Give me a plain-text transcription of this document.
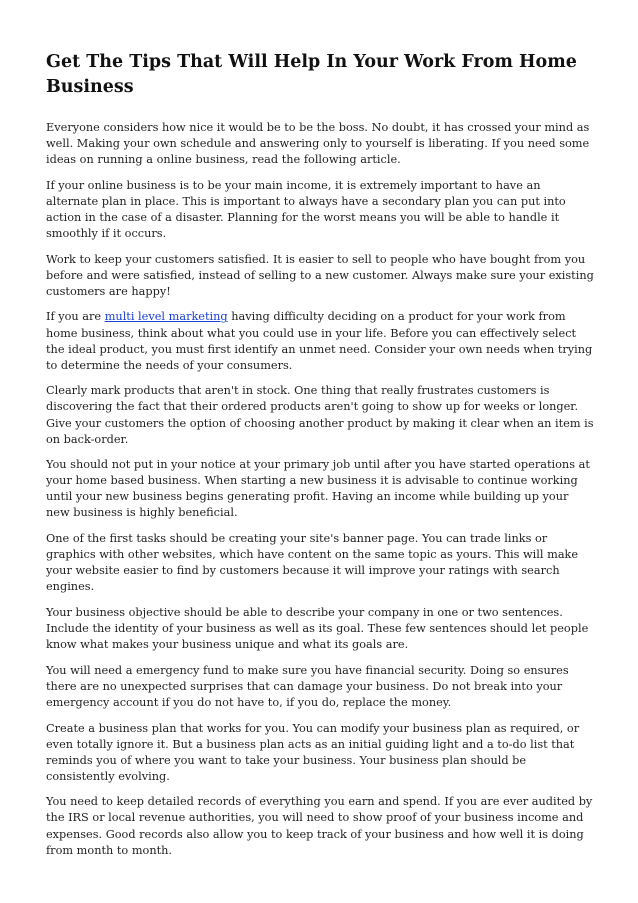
Get The Tips That Will Help In Your Work From Home Business

Everyone considers how nice it would be to be the boss. No doubt, it has crossed your mind as well. Making your own schedule and answering only to yourself is liberating. If you need some ideas on running a online business, read the following article.

If your online business is to be your main income, it is extremely important to have an alternate plan in place. This is important to always have a secondary plan you can put into action in the case of a disaster. Planning for the worst means you will be able to handle it smoothly if it occurs.

Work to keep your customers satisfied. It is easier to sell to people who have bought from you before and were satisfied, instead of selling to a new customer. Always make sure your existing customers are happy!

If you are multi level marketing having difficulty deciding on a product for your work from home business, think about what you could use in your life. Before you can effectively select the ideal product, you must first identify an unmet need. Consider your own needs when trying to determine the needs of your consumers.

Clearly mark products that aren't in stock. One thing that really frustrates customers is discovering the fact that their ordered products aren't going to show up for weeks or longer. Give your customers the option of choosing another product by making it clear when an item is on back-order.

You should not put in your notice at your primary job until after you have started operations at your home based business. When starting a new business it is advisable to continue working until your new business begins generating profit. Having an income while building up your new business is highly beneficial.

One of the first tasks should be creating your site's banner page. You can trade links or graphics with other websites, which have content on the same topic as yours. This will make your website easier to find by customers because it will improve your ratings with search engines.

Your business objective should be able to describe your company in one or two sentences. Include the identity of your business as well as its goal. These few sentences should let people know what makes your business unique and what its goals are.

You will need a emergency fund to make sure you have financial security. Doing so ensures there are no unexpected surprises that can damage your business. Do not break into your emergency account if you do not have to, if you do, replace the money.

Create a business plan that works for you. You can modify your business plan as required, or even totally ignore it. But a business plan acts as an initial guiding light and a to-do list that reminds you of where you want to take your business. Your business plan should be consistently evolving.

You need to keep detailed records of everything you earn and spend. If you are ever audited by the IRS or local revenue authorities, you will need to show proof of your business income and expenses. Good records also allow you to keep track of your business and how well it is doing from month to month.
